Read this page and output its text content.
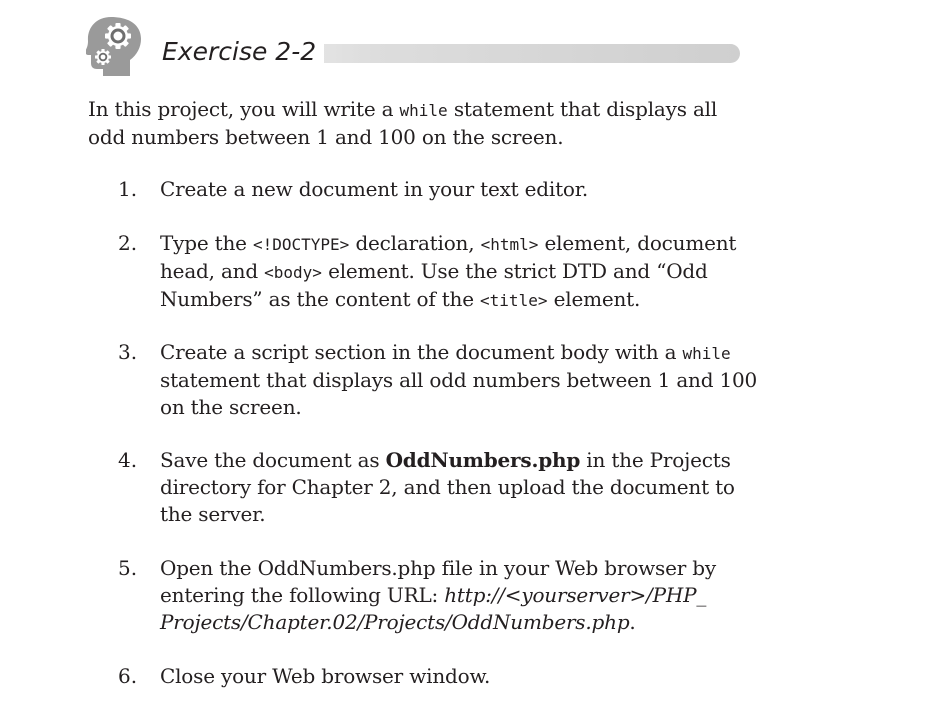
Exercise 2-2

In this project, you will write a while statement that displays all odd numbers between 1 and 100 on the screen.

1. Create a new document in your text editor.
2. Type the <!DOCTYPE> declaration, <html> element, document head, and <body> element. Use the strict DTD and “Odd Numbers” as the content of the <title> element.
3. Create a script section in the document body with a while statement that displays all odd numbers between 1 and 100 on the screen.
4. Save the document as OddNumbers.php in the Projects directory for Chapter 2, and then upload the document to the server.
5. Open the OddNumbers.php file in your Web browser by entering the following URL: http://<yourserver>/PHP_ Projects/Chapter.02/Projects/OddNumbers.php.
6. Close your Web browser window.
